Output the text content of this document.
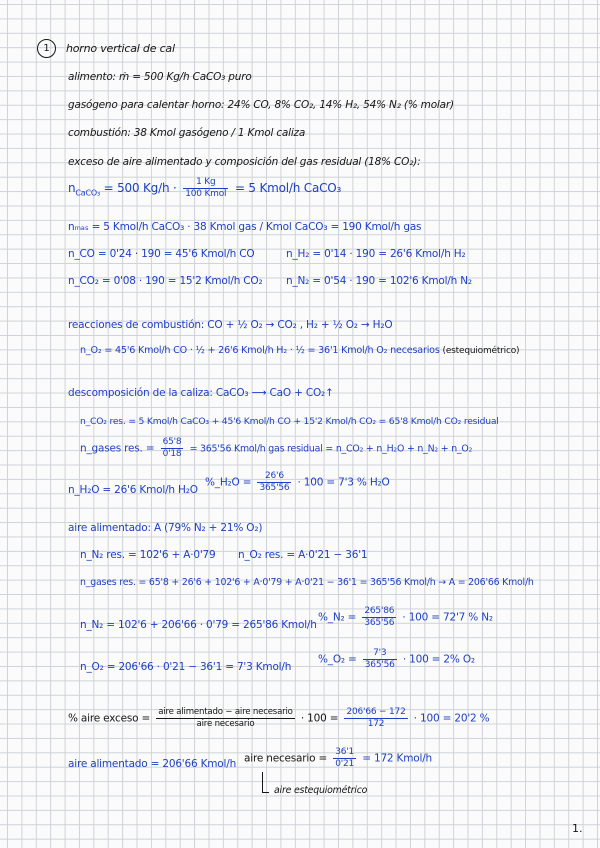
1	horno vertical de cal
alimento: ṁ = 500 Kg/h CaCO₃ puro
gasógeno para calentar horno: 24% CO, 8% CO₂, 14% H₂, 54% N₂ (% molar)
combustión: 38 Kmol gasógeno / 1 Kmol caliza
exceso de aire alimentado y composición del gas residual (18% CO₂):
$n_{CaCO_3} = 500$ $Kg/h \cdot \frac{1 Kg}{\text{100 Kmol}} = 5$ Kmol/h CaCO₃
nₘₐₛ = 5 Kmol/h CaCO₃ · 38 Kmol gas / Kmol CaCO₃ = 190 Kmol/h gas
n_CO = 0'24 · 190 = 45'6 Kmol/h CO	n_H₂ = 0'14 · 190 = 26'6 Kmol/h H₂
n_CO₂ = 0'08 · 190 = 15'2 Kmol/h CO₂ n_N₂ = 0'54 · 190 = 102'6 Kmol/h N₂
reacciones de combustión: CO + ½ O₂ → CO₂ , H₂ + ½ O₂ → H₂O
n_O₂ = 45'6 Kmol/h CO · ½ + 26'6 Kmol/h H₂ · ½ = 36'1 Kmol/h O₂ necesarios (estequiométrico)
descomposición de la caliza: CaCO₃ ⟶ CaO + CO₂↑
n_CO₂ res. = 5 Kmol/h CaCO₃ + 45'6 Kmol/h CO + 15'2 Kmol/h CO₂ = 65'8 Kmol/h CO₂ residual
n_gases res. = $\frac{65'8}{0'18} = 365'56$ Kmol/h gas residual = n_CO₂ + n_H₂O + n_N₂ + n_O₂
n_H₂O = 26'6 Kmol/h H₂O
%_H₂O = $\frac{26'6}{365'56} \cdot 100 = 7'3$ % H₂O
aire alimentado: A (79% N₂ + 21% O₂)
n_N₂ res. = 102'6 + A·0'79 n_O₂ res. = A·0'21 − 36'1
n_gases res. = 65'8 + 26'6 + 102'6 + A·0'79 + A·0'21 − 36'1 = 365'56 Kmol/h → A = 206'66 Kmol/h
n_N₂ = 102'6 + 206'66 · 0'79 = 265'86 Kmol/h
%_N₂ = $\frac{265'86}{365'56} \cdot 100 = 72'7$ % N₂
n_O₂ = 206'66 · 0'21 − 36'1 = 7'3 Kmol/h
%_O₂ = $\frac{7'3}{365'56} \cdot 100 = 2\%$ O₂
% aire exceso = $\frac{\text{aire alimentado − aire necesario}}{\text{aire necesario}} \cdot 100 = \frac{206'66 - 172}{172} \cdot 100 = 20'2$ %
aire alimentado = 206'66 Kmol/h aire necesario = $\frac{36'1}{0'21} = 172$ Kmol/h
aire estequiométrico
1.
